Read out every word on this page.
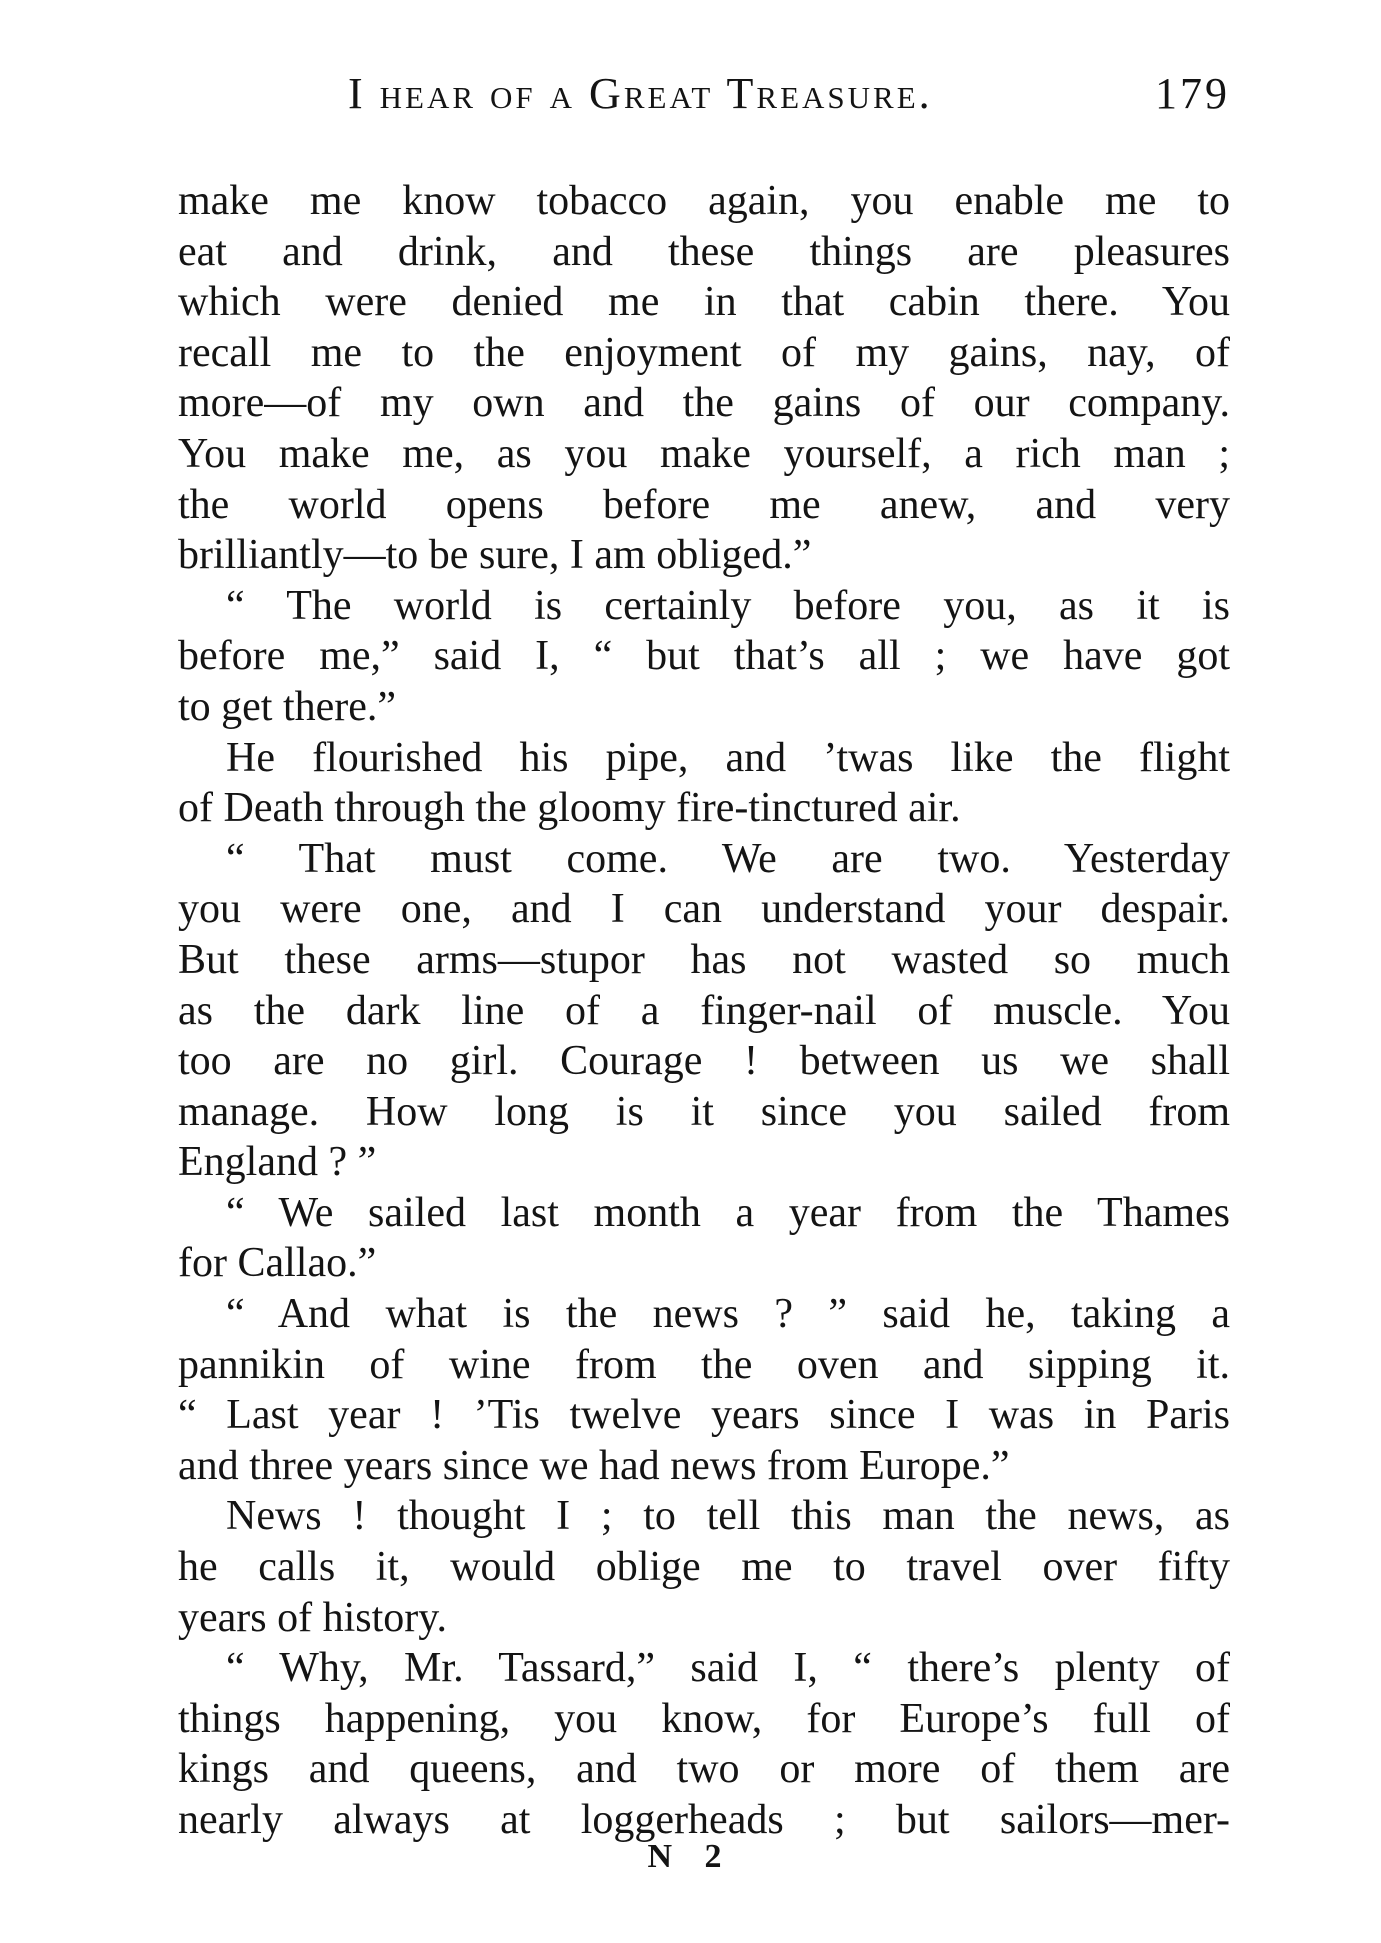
I hear of a Great Treasure.	179
make me know tobacco again, you enable me to
eat and drink, and these things are pleasures
which were denied me in that cabin there. You
recall me to the enjoyment of my gains, nay, of
more—of my own and the gains of our company.
You make me, as you make yourself, a rich man ;
the world opens before me anew, and very
brilliantly—to be sure, I am obliged.”
“ The world is certainly before you, as it is
before me,” said I, “ but that’s all ; we have got
to get there.”
He flourished his pipe, and ’twas like the flight
of Death through the gloomy fire-tinctured air.
“ That must come. We are two. Yesterday
you were one, and I can understand your despair.
But these arms—stupor has not wasted so much
as the dark line of a finger-nail of muscle. You
too are no girl. Courage ! between us we shall
manage. How long is it since you sailed from
England ? ”
“ We sailed last month a year from the Thames
for Callao.”
“ And what is the news ? ” said he, taking a
pannikin of wine from the oven and sipping it.
“ Last year ! ’Tis twelve years since I was in Paris
and three years since we had news from Europe.”
News ! thought I ; to tell this man the news, as
he calls it, would oblige me to travel over fifty
years of history.
“ Why, Mr. Tassard,” said I, “ there’s plenty of
things happening, you know, for Europe’s full of
kings and queens, and two or more of them are
nearly always at loggerheads ; but sailors—mer-
N 2
